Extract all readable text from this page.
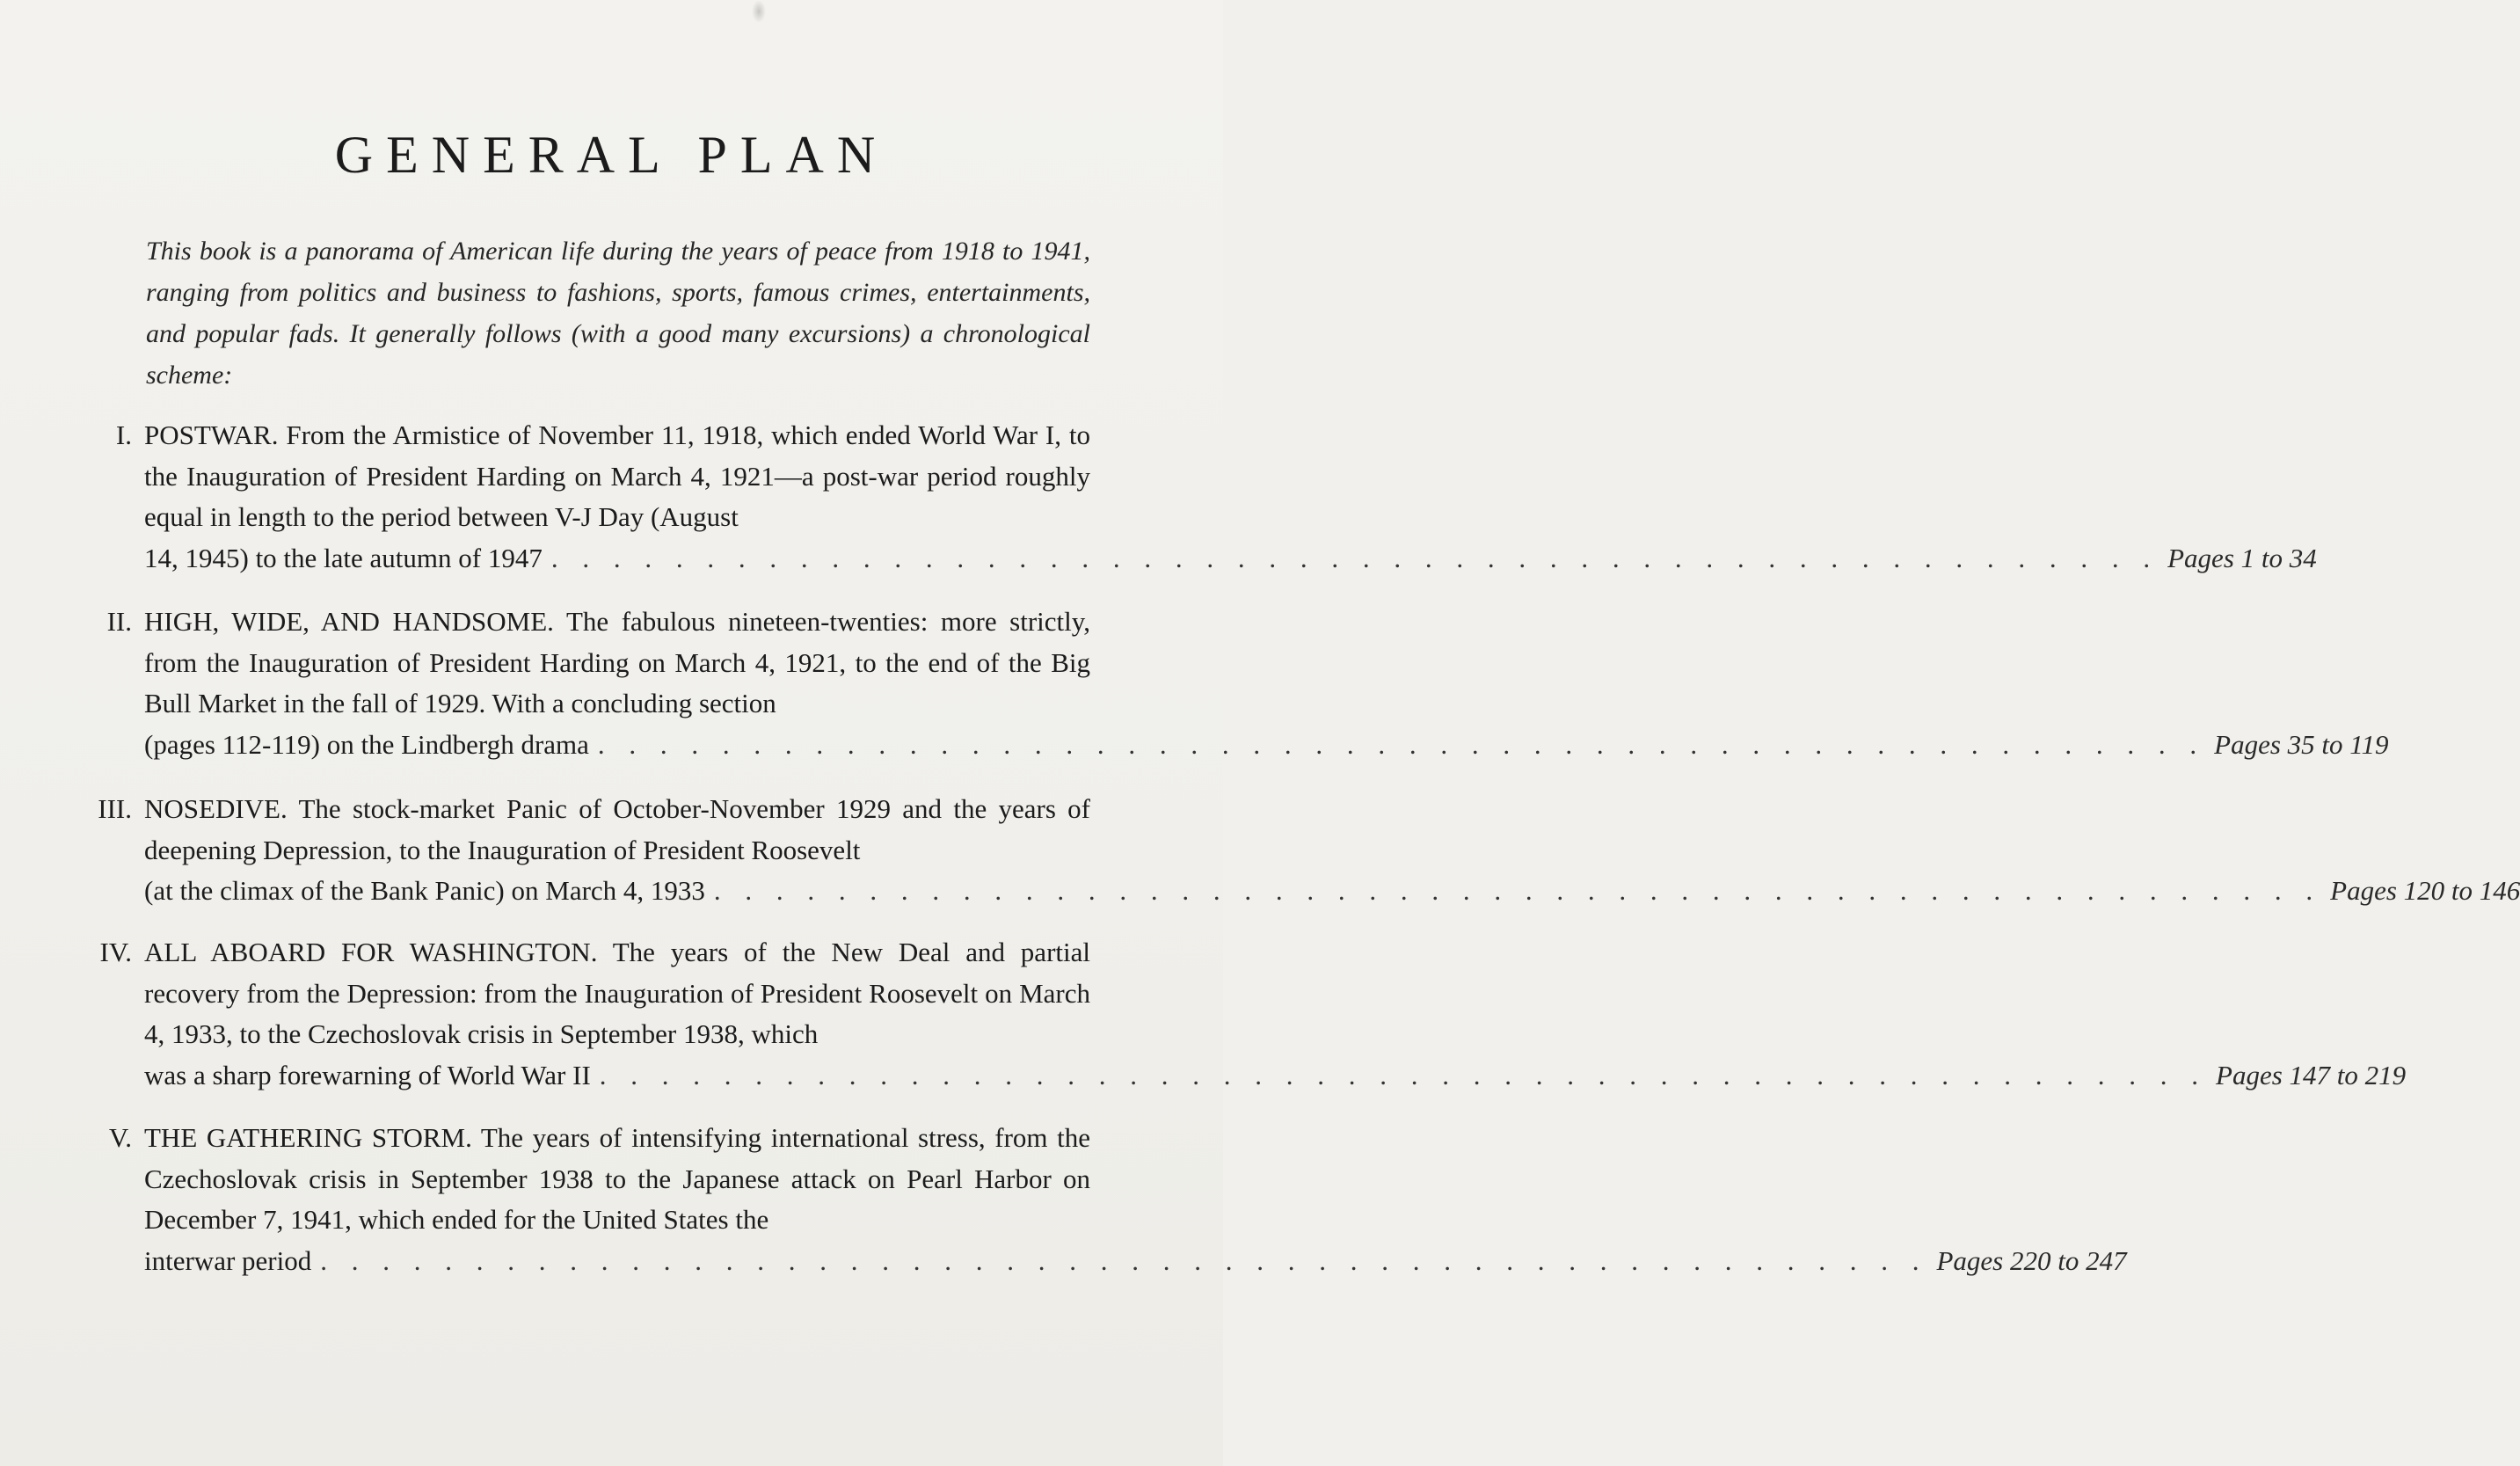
GENERAL PLAN

This book is a panorama of American life during the years of peace from 1918 to 1941, ranging from politics and business to fashions, sports, famous crimes, entertainments, and popular fads. It generally follows (with a good many excursions) a chronological scheme:

I. POSTWAR. From the Armistice of November 11, 1918, which ended World War I, to the Inauguration of President Harding on March 4, 1921—a post-war period roughly equal in length to the period between V-J Day (August
14, 1945) to the late autumn of 1947 . . . . . . . . . . . . . . . . . . . . . . . . . . . . . . . . . . . . . . . . . . . . . . . . . . . . Pages 1 to 34
II. HIGH, WIDE, AND HANDSOME. The fabulous nineteen-twenties: more strictly, from the Inauguration of President Harding on March 4, 1921, to the end of the Big Bull Market in the fall of 1929. With a concluding section
(pages 112-119) on the Lindbergh drama . . . . . . . . . . . . . . . . . . . . . . . . . . . . . . . . . . . . . . . . . . . . . . . . . . . . Pages 35 to 119
III. NOSEDIVE. The stock-market Panic of October-November 1929 and the years of deepening Depression, to the Inauguration of President Roosevelt
(at the climax of the Bank Panic) on March 4, 1933 . . . . . . . . . . . . . . . . . . . . . . . . . . . . . . . . . . . . . . . . . . . . . . . . . . . . Pages 120 to 146
IV. ALL ABOARD FOR WASHINGTON. The years of the New Deal and partial recovery from the Depression: from the Inauguration of President Roosevelt on March 4, 1933, to the Czechoslovak crisis in September 1938, which
was a sharp forewarning of World War II . . . . . . . . . . . . . . . . . . . . . . . . . . . . . . . . . . . . . . . . . . . . . . . . . . . . Pages 147 to 219
V. THE GATHERING STORM. The years of intensifying international stress, from the Czechoslovak crisis in September 1938 to the Japanese attack on Pearl Harbor on December 7, 1941, which ended for the United States the
interwar period . . . . . . . . . . . . . . . . . . . . . . . . . . . . . . . . . . . . . . . . . . . . . . . . . . . . Pages 220 to 247
